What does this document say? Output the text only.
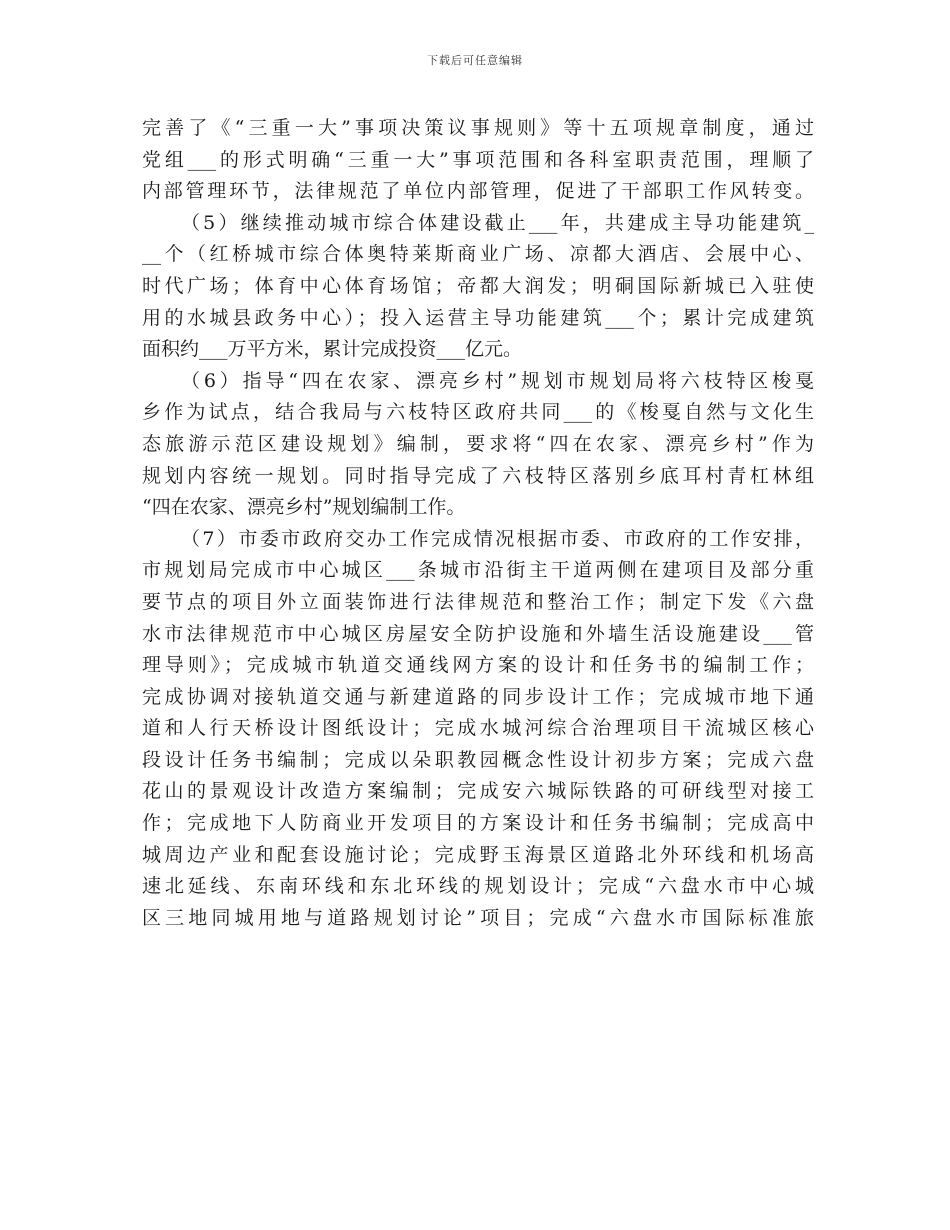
下载后可任意编辑
完善了《“三重一大”事项决策议事规则》等十五项规章制度，通过
党组___的形式明确“三重一大”事项范围和各科室职责范围，理顺了
内部管理环节，法律规范了单位内部管理，促进了干部职工作风转变。
（5）继续推动城市综合体建设截止___年，共建成主导功能建筑_
__个（红桥城市综合体奥特莱斯商业广场、凉都大酒店、会展中心、
时代广场；体育中心体育场馆；帝都大润发；明硐国际新城已入驻使
用的水城县政务中心）；投入运营主导功能建筑___个；累计完成建筑
面积约___万平方米，累计完成投资___亿元。
（6）指导“四在农家、漂亮乡村”规划市规划局将六枝特区梭戛
乡作为试点，结合我局与六枝特区政府共同___的《梭戛自然与文化生
态旅游示范区建设规划》编制，要求将“四在农家、漂亮乡村”作为
规划内容统一规划。同时指导完成了六枝特区落别乡底耳村青杠林组
“四在农家、漂亮乡村”规划编制工作。
（7）市委市政府交办工作完成情况根据市委、市政府的工作安排，
市规划局完成市中心城区___条城市沿街主干道两侧在建项目及部分重
要节点的项目外立面装饰进行法律规范和整治工作；制定下发《六盘
水市法律规范市中心城区房屋安全防护设施和外墙生活设施建设___管
理导则》；完成城市轨道交通线网方案的设计和任务书的编制工作；
完成协调对接轨道交通与新建道路的同步设计工作；完成城市地下通
道和人行天桥设计图纸设计；完成水城河综合治理项目干流城区核心
段设计任务书编制；完成以朵职教园概念性设计初步方案；完成六盘
花山的景观设计改造方案编制；完成安六城际铁路的可研线型对接工
作；完成地下人防商业开发项目的方案设计和任务书编制；完成高中
城周边产业和配套设施讨论；完成野玉海景区道路北外环线和机场高
速北延线、东南环线和东北环线的规划设计；完成“六盘水市中心城
区三地同城用地与道路规划讨论”项目；完成“六盘水市国际标准旅
